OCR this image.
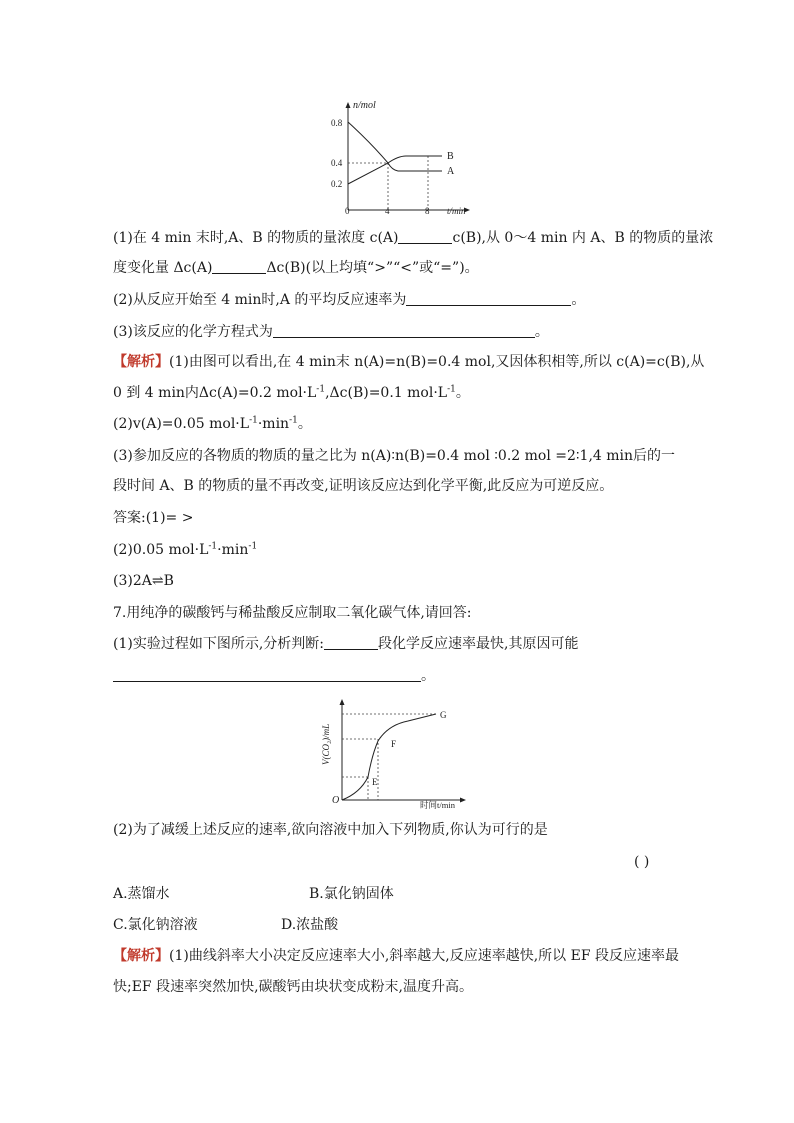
n/mol
t/min
0.8
0.4
0.2
0	4	8
B
A
(1)在 4 min 末时,A、B 的物质的量浓度 c(A)	c(B),从 0～4 min 内 A、B 的物质的量浓
度变化量 Δc(A)	Δc(B)(以上均填“>”“<”或“=”)。
(2)从反应开始至 4 min时,A 的平均反应速率为	。
(3)该反应的化学方程式为	。
【解析】(1)由图可以看出,在 4 min末 n(A)=n(B)=0.4 mol,又因体积相等,所以 c(A)=c(B),从
0 到 4 min内Δc(A)=0.2 $mol\cdot L^{-1},\Delta c(B)=0.1$ $mol\cdot L^{-1}$。
(2)v(A)=0.05 $mol\cdot L^{-1}\cdot\min^{-1}$。
(3)参加反应的各物质的物质的量之比为 n(A)∶n(B)=0.4 mol ∶0.2 mol =2∶1,4 min后的一
段时间 A、B 的物质的量不再改变,证明该反应达到化学平衡,此反应为可逆反应。
答案:(1)= >
(2)0.05 $mol\cdot L^{-1}\cdot\min^{-1}$
(3)2A⇌B
7.用纯净的碳酸钙与稀盐酸反应制取二氧化碳气体,请回答:
(1)实验过程如下图所示,分析判断:	段化学反应速率最快,其原因可能
。
V(CO₂)/mL
时间t/min
O
E
F
G
(2)为了减缓上述反应的速率,欲向溶液中加入下列物质,你认为可行的是
( )
A.蒸馏水	B.氯化钠固体
C.氯化钠溶液	D.浓盐酸
【解析】(1)曲线斜率大小决定反应速率大小,斜率越大,反应速率越快,所以 EF 段反应速率最
快;EF 段速率突然加快,碳酸钙由块状变成粉末,温度升高。
